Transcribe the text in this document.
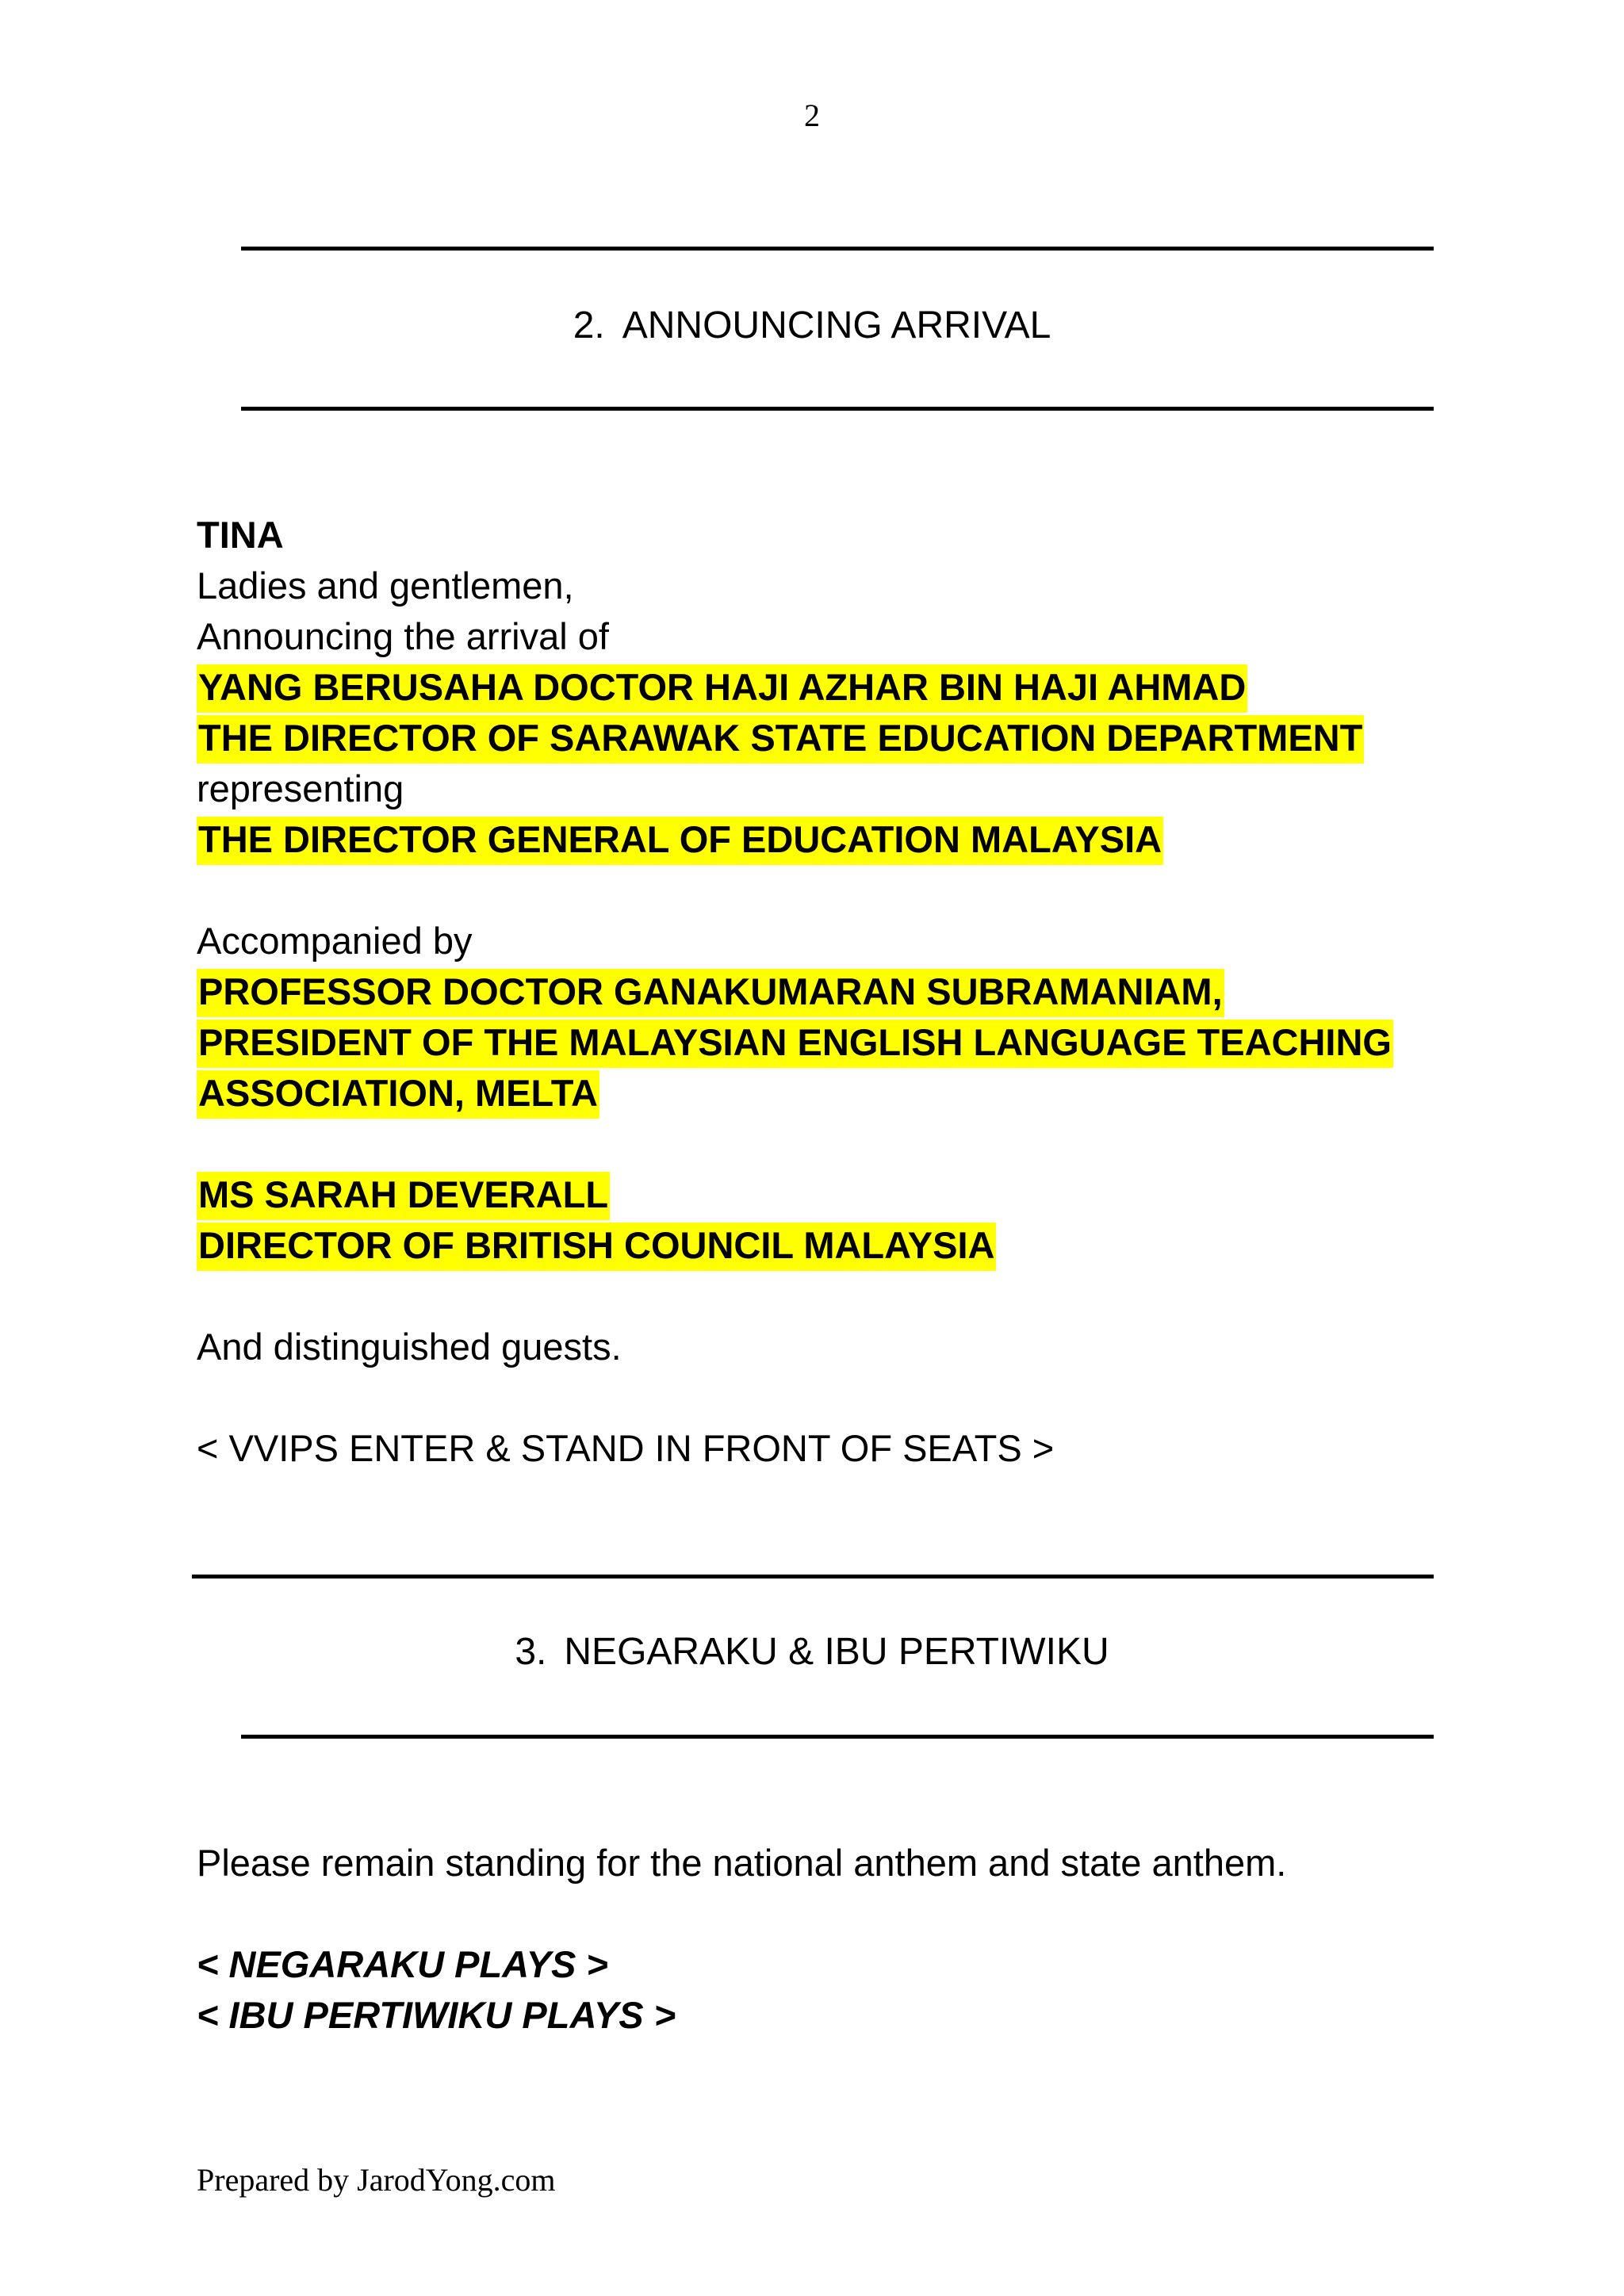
2
2. ANNOUNCING ARRIVAL
TINA
Ladies and gentlemen,
Announcing the arrival of
YANG BERUSAHA DOCTOR HAJI AZHAR BIN HAJI AHMAD
THE DIRECTOR OF SARAWAK STATE EDUCATION DEPARTMENT
representing
THE DIRECTOR GENERAL OF EDUCATION MALAYSIA
Accompanied by
PROFESSOR DOCTOR GANAKUMARAN SUBRAMANIAM,
PRESIDENT OF THE MALAYSIAN ENGLISH LANGUAGE TEACHING
ASSOCIATION, MELTA
MS SARAH DEVERALL
DIRECTOR OF BRITISH COUNCIL MALAYSIA
And distinguished guests.
< VVIPS ENTER & STAND IN FRONT OF SEATS >
3. NEGARAKU & IBU PERTIWIKU
Please remain standing for the national anthem and state anthem.
< NEGARAKU PLAYS >
< IBU PERTIWIKU PLAYS >
Prepared by JarodYong.com
